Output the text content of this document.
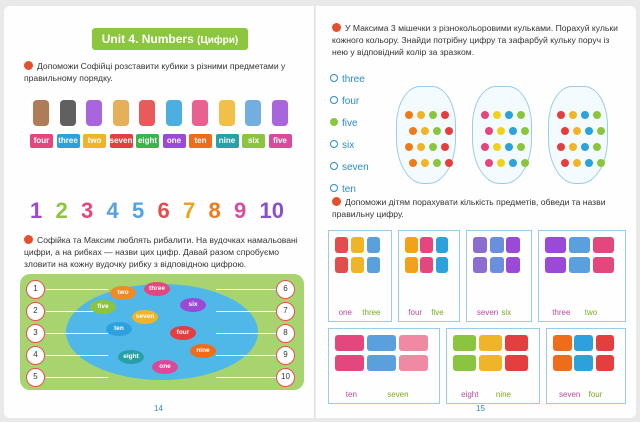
Unit 4. Numbers (Цифри)
Допоможи Софійці розставити кубики з різними предметами у правильному порядку.
four	three	two	seven eight	one	ten	nine	six	five
1 2 3 4 5 6 7 8 9 10
Софійка та Максим люблять рибалити. На вудочках намальовані цифри, а на рибках — назви цих цифр. Давай разом спробуємо зловити на кожну вудочку рибку з відповідною цифрою.
1
2
3
4
5
6
7
8
9
10
two
three
five
seven
six
ten
four
nine
eight
one
14
У Максима 3 мішечки з різнокольоровими кульками. Порахуй кульки кожного кольору. Знайди потрібну цифру та зафарбуй кульку поруч із нею у відповідний колір за зразком.
three
four
five
six
seven
ten
Допоможи дітям порахувати кількість предметів, обведи та назви правильну цифру.
one three	four five	seven six	three two
ten	seven	eight nine	seven four
15
